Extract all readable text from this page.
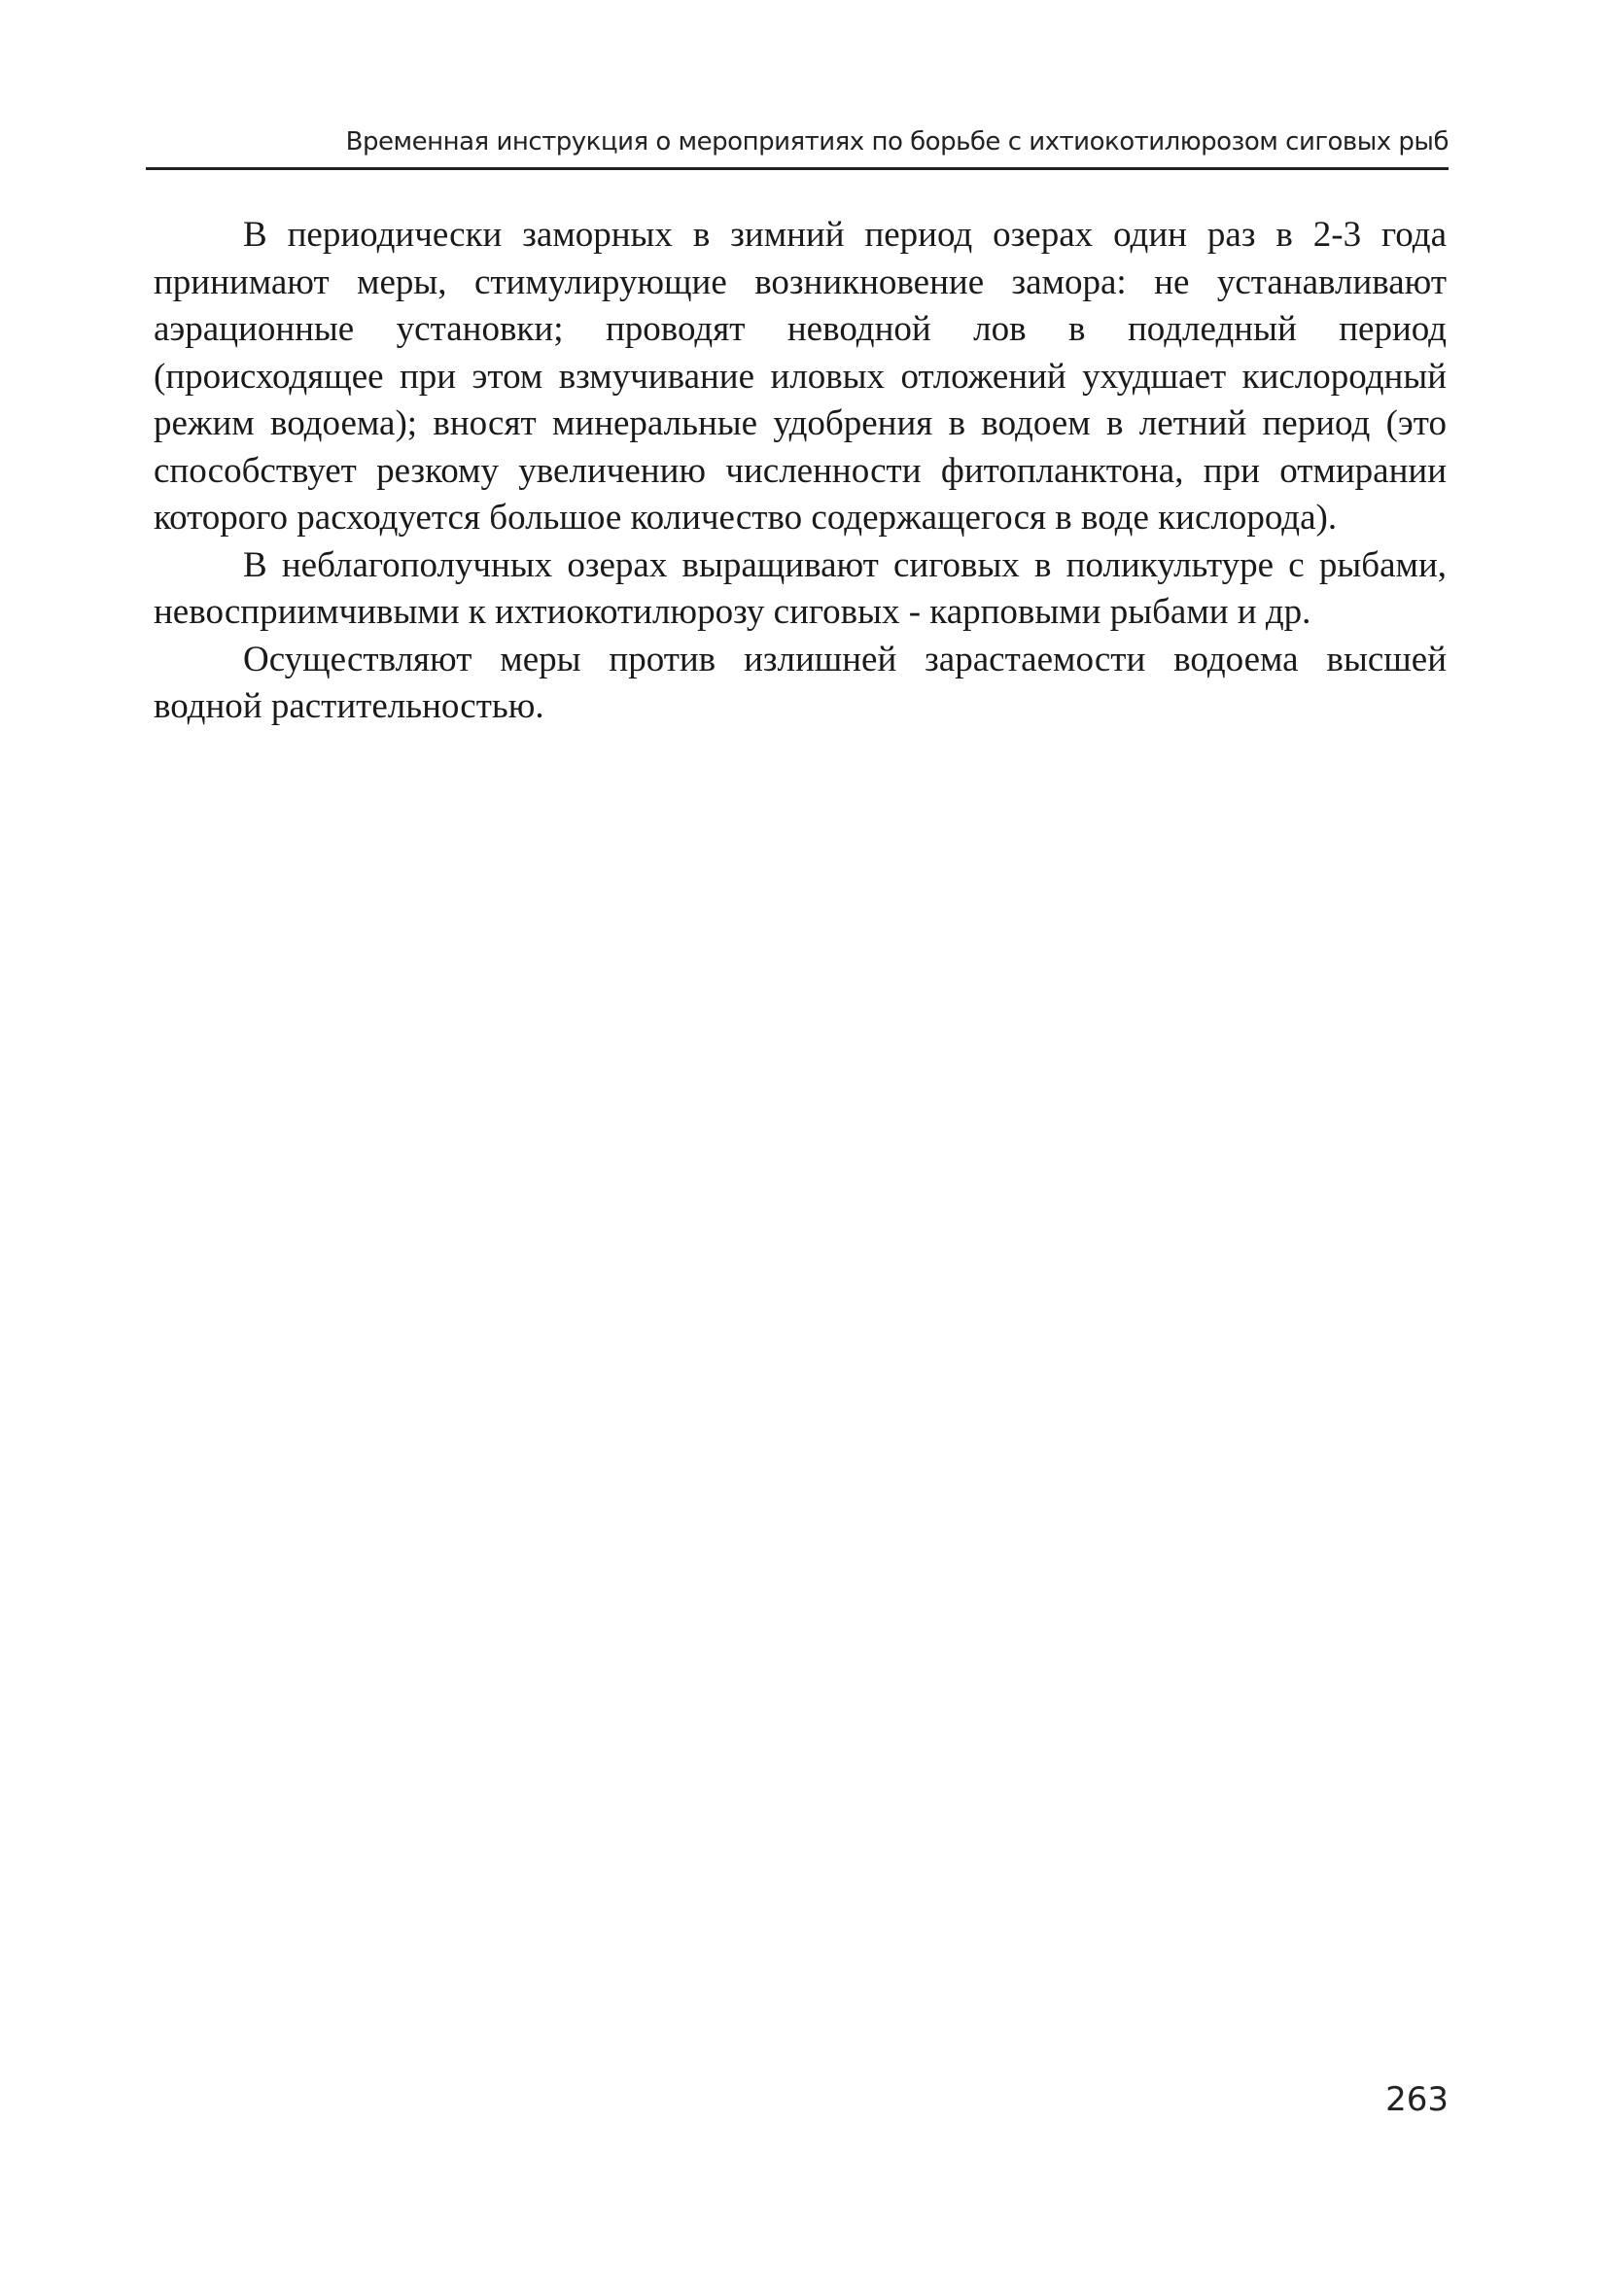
Временная инструкция о мероприятиях по борьбе с ихтиокотилюрозом сиговых рыб

В периодически заморных в зимний период озерах один раз в 2-3 года принимают меры, стимулирующие возникновение замора: не устанавливают аэрационные установки; проводят неводной лов в подледный период (происходящее при этом взмучивание иловых отложений ухудшает кислородный режим водоема); вносят минеральные удобрения в водоем в летний период (это способствует резкому увеличению численности фитопланктона, при отмирании которого расходуется большое количество содержащегося в воде кислорода).

В неблагополучных озерах выращивают сиговых в поликультуре с рыбами, невосприимчивыми к ихтиокотилюрозу сиговых - карповыми рыбами и др.

Осуществляют меры против излишней зарастаемости водоема высшей водной растительностью.

263
